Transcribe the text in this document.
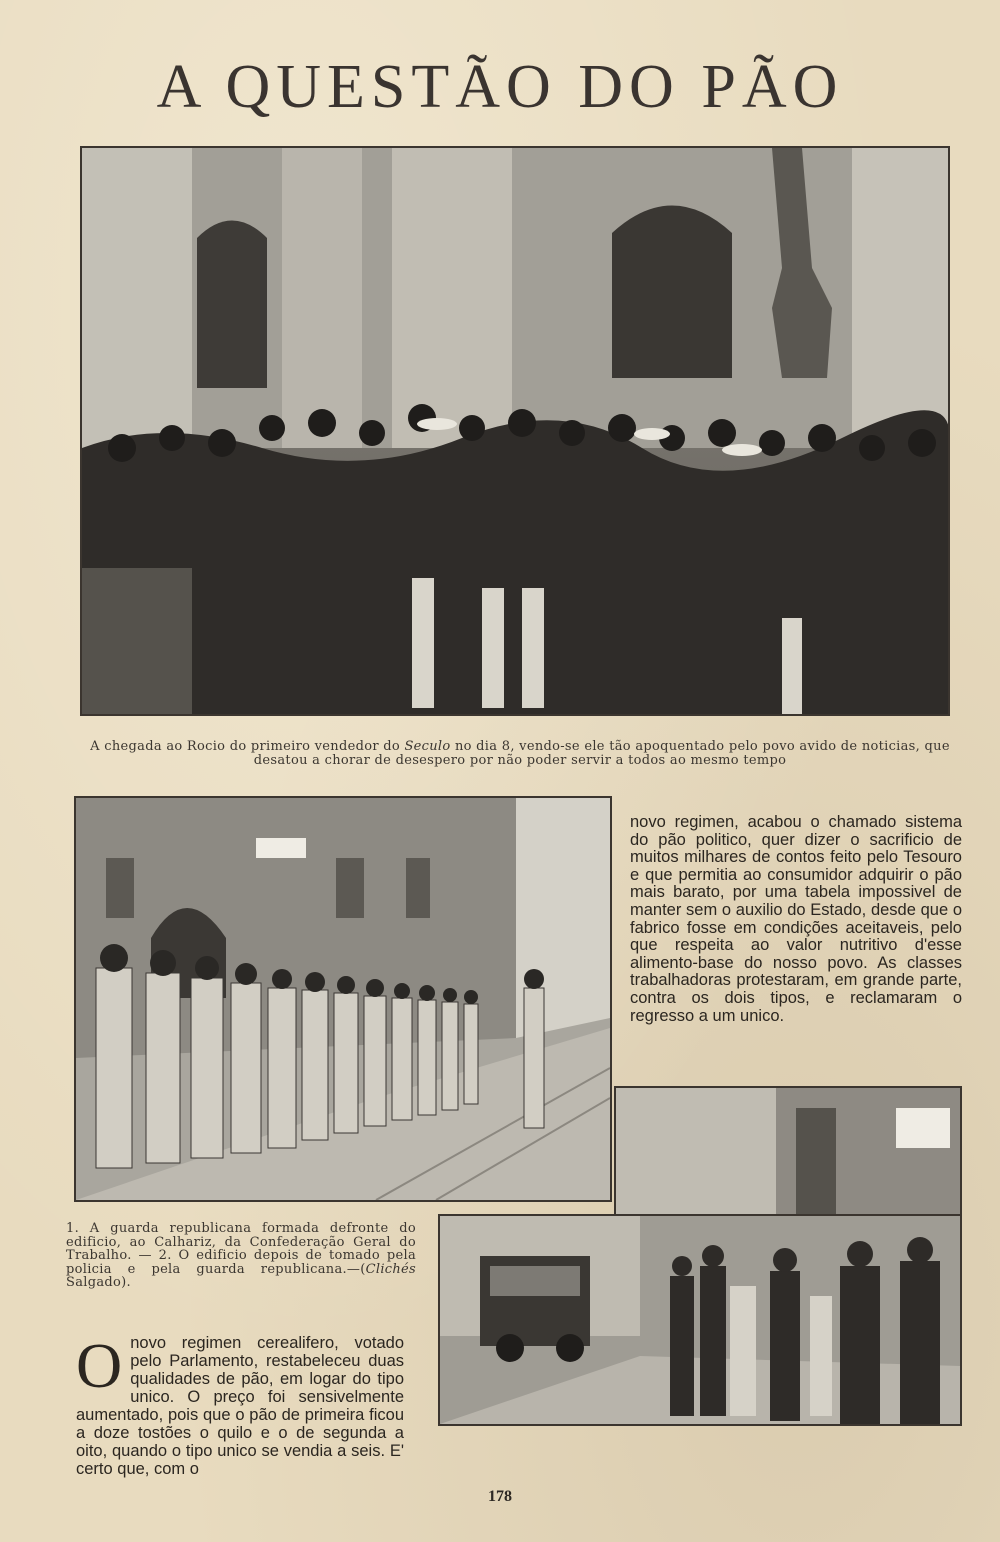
A QUESTÃO DO PÃO
A chegada ao Rocio do primeiro vendedor do Seculo no dia 8, vendo-se ele tão apoquentado pelo povo avido de noticias, que desatou a chorar de desespero por não poder servir a todos ao mesmo tempo
1. A guarda republicana formada defronte do edificio, ao Calhariz, da Confederação Geral do Trabalho. — 2. O edificio depois de tomado pela policia e pela guarda republicana.—(Clichés Salgado).
novo regimen, acabou o chamado sistema do pão politico, quer dizer o sacrificio de muitos milhares de contos feito pelo Tesouro e que permitia ao consumidor adquirir o pão mais barato, por uma tabela impossivel de manter sem o auxilio do Estado, desde que o fabrico fosse em condições aceitaveis, pelo que respeita ao valor nutritivo d'esse alimento-base do nosso povo. As classes trabalhadoras protestaram, em grande parte, contra os dois tipos, e reclamaram o regresso a um unico.
Onovo regimen cerealifero, votado pelo Parlamento, restabeleceu duas qualidades de pão, em logar do tipo unico. O preço foi sensivelmente aumentado, pois que o pão de primeira ficou a doze tostões o quilo e o de segunda a oito, quando o tipo unico se vendia a seis. E' certo que, com o
178
